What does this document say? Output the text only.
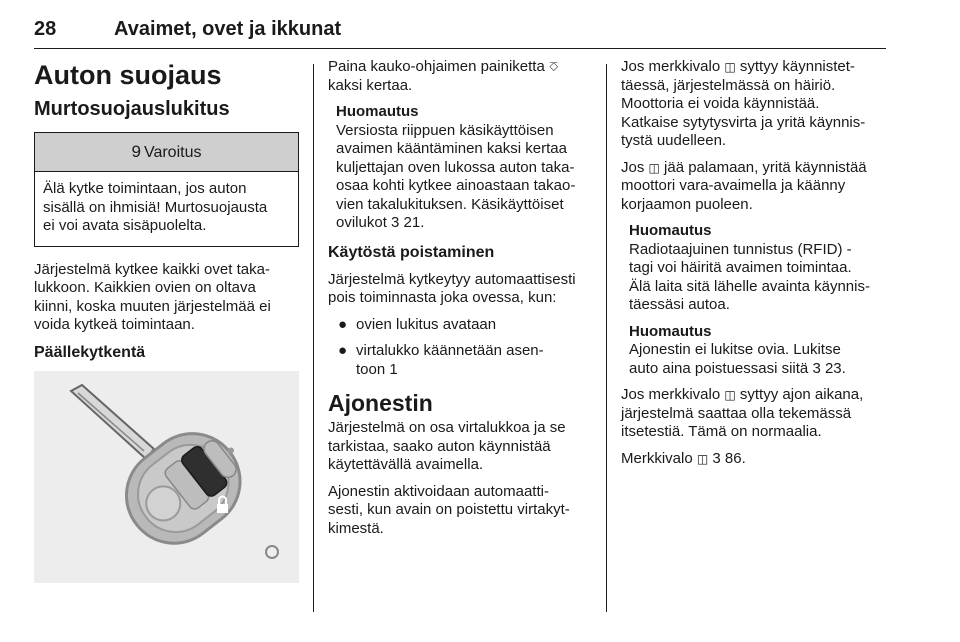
28	Avaimet, ovet ja ikkunat
Auton suojaus
Murtosuojauslukitus
9 Varoitus
Älä kytke toimintaan, jos auton
sisällä on ihmisiä! Murtosuojausta
ei voi avata sisäpuolelta.

Järjestelmä kytkee kaikki ovet taka-
lukkoon. Kaikkien ovien on oltava
kiinni, koska muuten järjestelmää ei
voida kytkeä toimintaan.

Päällekytkentä

Paina kauko-ohjaimen painiketta ⎏
kaksi kertaa.

Huomautus
Versiosta riippuen käsikäyttöisen
avaimen kääntäminen kaksi kertaa
kuljettajan oven lukossa auton taka-
osaa kohti kytkee ainoastaan takao-
vien takalukituksen. Käsikäyttöiset
ovilukot 3 21.
Käytöstä poistaminen

Järjestelmä kytkeytyy automaattisesti
pois toiminnasta joka ovessa, kun:

● ovien lukitus avataan
● virtalukko käännetään asen-
toon 1
Ajonestin

Järjestelmä on osa virtalukkoa ja se
tarkistaa, saako auton käynnistää
käytettävällä avaimella.

Ajonestin aktivoidaan automaatti-
sesti, kun avain on poistettu virtakyt-
kimestä.

Jos merkkivalo ◫ syttyy käynnistet-
täessä, järjestelmässä on häiriö.
Moottoria ei voida käynnistää.
Katkaise sytytysvirta ja yritä käynnis-
tystä uudelleen.

Jos ◫ jää palamaan, yritä käynnistää
moottori vara-avaimella ja käänny
korjaamon puoleen.

Huomautus
Radiotaajuinen tunnistus (RFID) -
tagi voi häiritä avaimen toimintaa.
Älä laita sitä lähelle avainta käynnis-
täessäsi autoa.
Huomautus
Ajonestin ei lukitse ovia. Lukitse
auto aina poistuessasi siitä 3 23.

Jos merkkivalo ◫ syttyy ajon aikana,
järjestelmä saattaa olla tekemässä
itsetestiä. Tämä on normaalia.

Merkkivalo ◫ 3 86.
